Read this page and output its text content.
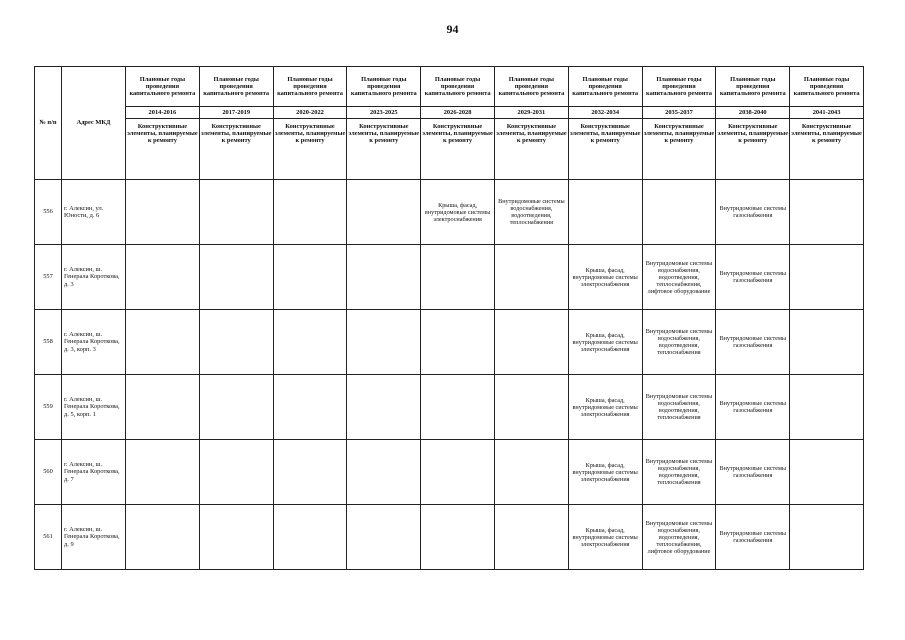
94
№ п/п	Адрес МКД	Плановые годы проведения капитального ремонта	Плановые годы проведения капитального ремонта	Плановые годы проведения капитального ремонта	Плановые годы проведения капитального ремонта	Плановые годы проведения капитального ремонта	Плановые годы проведения капитального ремонта	Плановые годы проведения капитального ремонта	Плановые годы проведения капитального ремонта	Плановые годы проведения капитального ремонта	Плановые годы проведения капитального ремонта
		2014-2016	2017-2019	2020-2022	2023-2025	2026-2028	2029-2031	2032-2034	2035-2037	2038-2040	2041-2043
		Конструктивные элементы, планируемые к ремонту	Конструктивные элементы, планируемые к ремонту	Конструктивные элементы, планируемые к ремонту	Конструктивные элементы, планируемые к ремонту	Конструктивные элементы, планируемые к ремонту	Конструктивные элементы, планируемые к ремонту	Конструктивные элементы, планируемые к ремонту	Конструктивные элементы, планируемые к ремонту	Конструктивные элементы, планируемые к ремонту	Конструктивные элементы, планируемые к ремонту
556	г. Алексин, ул. Юности, д. 6					Крыша, фасад, внутридомовые системы электроснабжения	Внутридомовые системы водоснабжения, водоотведения, теплоснабжения			Внутридомовые системы газоснабжения	
557	г. Алексин, ш. Генерала Короткова, д. 3							Крыша, фасад, внутридомовые системы электроснабжения	Внутридомовые системы водоснабжения, водоотведения, теплоснабжения, лифтовое оборудование	Внутридомовые системы газоснабжения	
558	г. Алексин, ш. Генерала Короткова, д. 3, корп. 3							Крыша, фасад, внутридомовые системы электроснабжения	Внутридомовые системы водоснабжения, водоотведения, теплоснабжения	Внутридомовые системы газоснабжения	
559	г. Алексин, ш. Генерала Короткова, д. 5, корп. 1							Крыша, фасад, внутридомовые системы электроснабжения	Внутридомовые системы водоснабжения, водоотведения, теплоснабжения	Внутридомовые системы газоснабжения	
560	г. Алексин, ш. Генерала Короткова, д. 7							Крыша, фасад, внутридомовые системы электроснабжения	Внутридомовые системы водоснабжения, водоотведения, теплоснабжения	Внутридомовые системы газоснабжения	
561	г. Алексин, ш. Генерала Короткова, д. 9							Крыша, фасад, внутридомовые системы электроснабжения	Внутридомовые системы водоснабжения, водоотведения, теплоснабжения, лифтовое оборудование	Внутридомовые системы газоснабжения	
